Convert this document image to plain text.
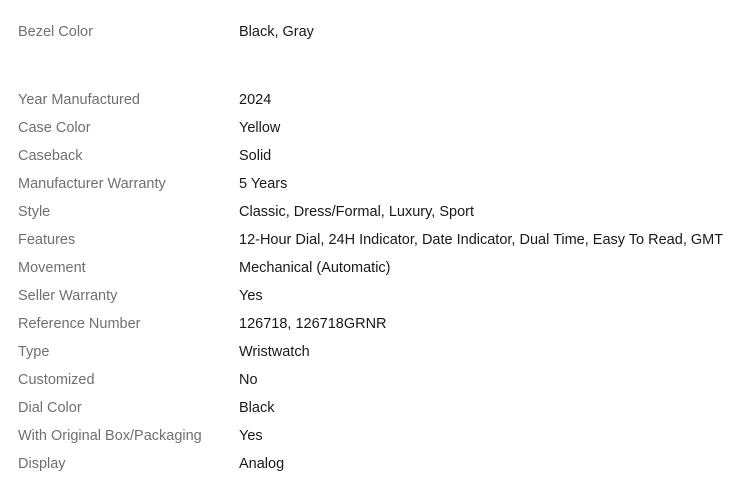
Bezel Color	Black, Gray
Year Manufactured	2024
Case Color	Yellow
Caseback	Solid
Manufacturer Warranty	5 Years
Style	Classic, Dress/Formal, Luxury, Sport
Features	12-Hour Dial, 24H Indicator, Date Indicator, Dual Time, Easy To Read, GMT
Movement	Mechanical (Automatic)
Seller Warranty	Yes
Reference Number	126718, 126718GRNR
Type	Wristwatch
Customized	No
Dial Color	Black
With Original Box/Packaging	Yes
Display	Analog
